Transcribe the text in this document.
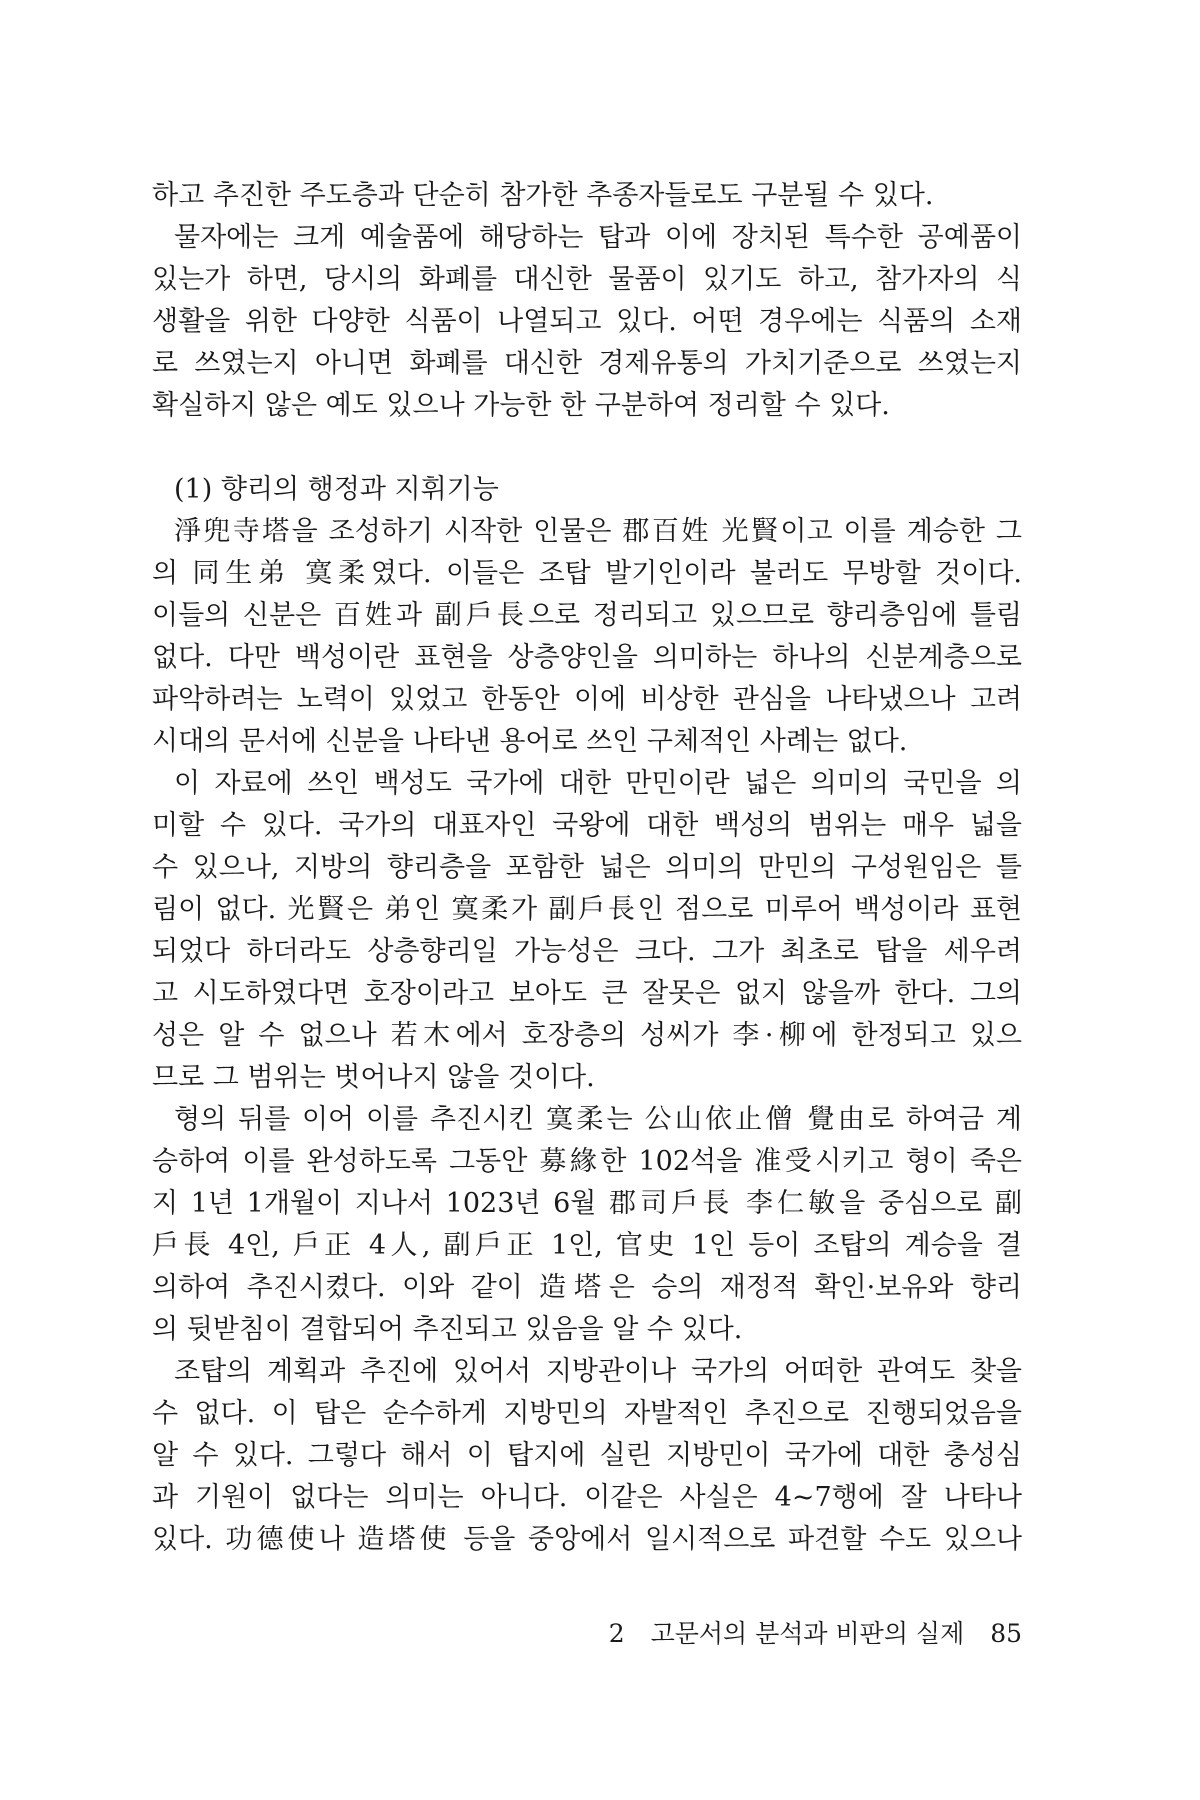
하고 추진한 주도층과 단순히 참가한 추종자들로도 구분될 수 있다.
물자에는 크게 예술품에 해당하는 탑과 이에 장치된 특수한 공예품이
있는가 하면, 당시의 화폐를 대신한 물품이 있기도 하고, 참가자의 식
생활을 위한 다양한 식품이 나열되고 있다. 어떤 경우에는 식품의 소재
로 쓰였는지 아니면 화폐를 대신한 경제유통의 가치기준으로 쓰였는지
확실하지 않은 예도 있으나 가능한 한 구분하여 정리할 수 있다.
(1) 향리의 행정과 지휘기능
淨兜寺塔을 조성하기 시작한 인물은 郡百姓 光賢이고 이를 계승한 그
의 同生弟 寞柔였다. 이들은 조탑 발기인이라 불러도 무방할 것이다.
이들의 신분은 百姓과 副戶長으로 정리되고 있으므로 향리층임에 틀림
없다. 다만 백성이란 표현을 상층양인을 의미하는 하나의 신분계층으로
파악하려는 노력이 있었고 한동안 이에 비상한 관심을 나타냈으나 고려
시대의 문서에 신분을 나타낸 용어로 쓰인 구체적인 사례는 없다.
이 자료에 쓰인 백성도 국가에 대한 만민이란 넓은 의미의 국민을 의
미할 수 있다. 국가의 대표자인 국왕에 대한 백성의 범위는 매우 넓을
수 있으나, 지방의 향리층을 포함한 넓은 의미의 만민의 구성원임은 틀
림이 없다. 光賢은 弟인 寞柔가 副戶長인 점으로 미루어 백성이라 표현
되었다 하더라도 상층향리일 가능성은 크다. 그가 최초로 탑을 세우려
고 시도하였다면 호장이라고 보아도 큰 잘못은 없지 않을까 한다. 그의
성은 알 수 없으나 若木에서 호장층의 성씨가 李·柳에 한정되고 있으
므로 그 범위는 벗어나지 않을 것이다.
형의 뒤를 이어 이를 추진시킨 寞柔는 公山依止僧 覺由로 하여금 계
승하여 이를 완성하도록 그동안 募緣한 102석을 准受시키고 형이 죽은
지 1년 1개월이 지나서 1023년 6월 郡司戶長 李仁敏을 중심으로 副
戶長 4인, 戶正 4人, 副戶正 1인, 官史 1인 등이 조탑의 계승을 결
의하여 추진시켰다. 이와 같이 造塔은 승의 재정적 확인·보유와 향리
의 뒷받침이 결합되어 추진되고 있음을 알 수 있다.
조탑의 계획과 추진에 있어서 지방관이나 국가의 어떠한 관여도 찾을
수 없다. 이 탑은 순수하게 지방민의 자발적인 추진으로 진행되었음을
알 수 있다. 그렇다 해서 이 탑지에 실린 지방민이 국가에 대한 충성심
과 기원이 없다는 의미는 아니다. 이같은 사실은 4~7행에 잘 나타나
있다. 功德使나 造塔使 등을 중앙에서 일시적으로 파견할 수도 있으나
2 고문서의 분석과 비판의 실제 85
